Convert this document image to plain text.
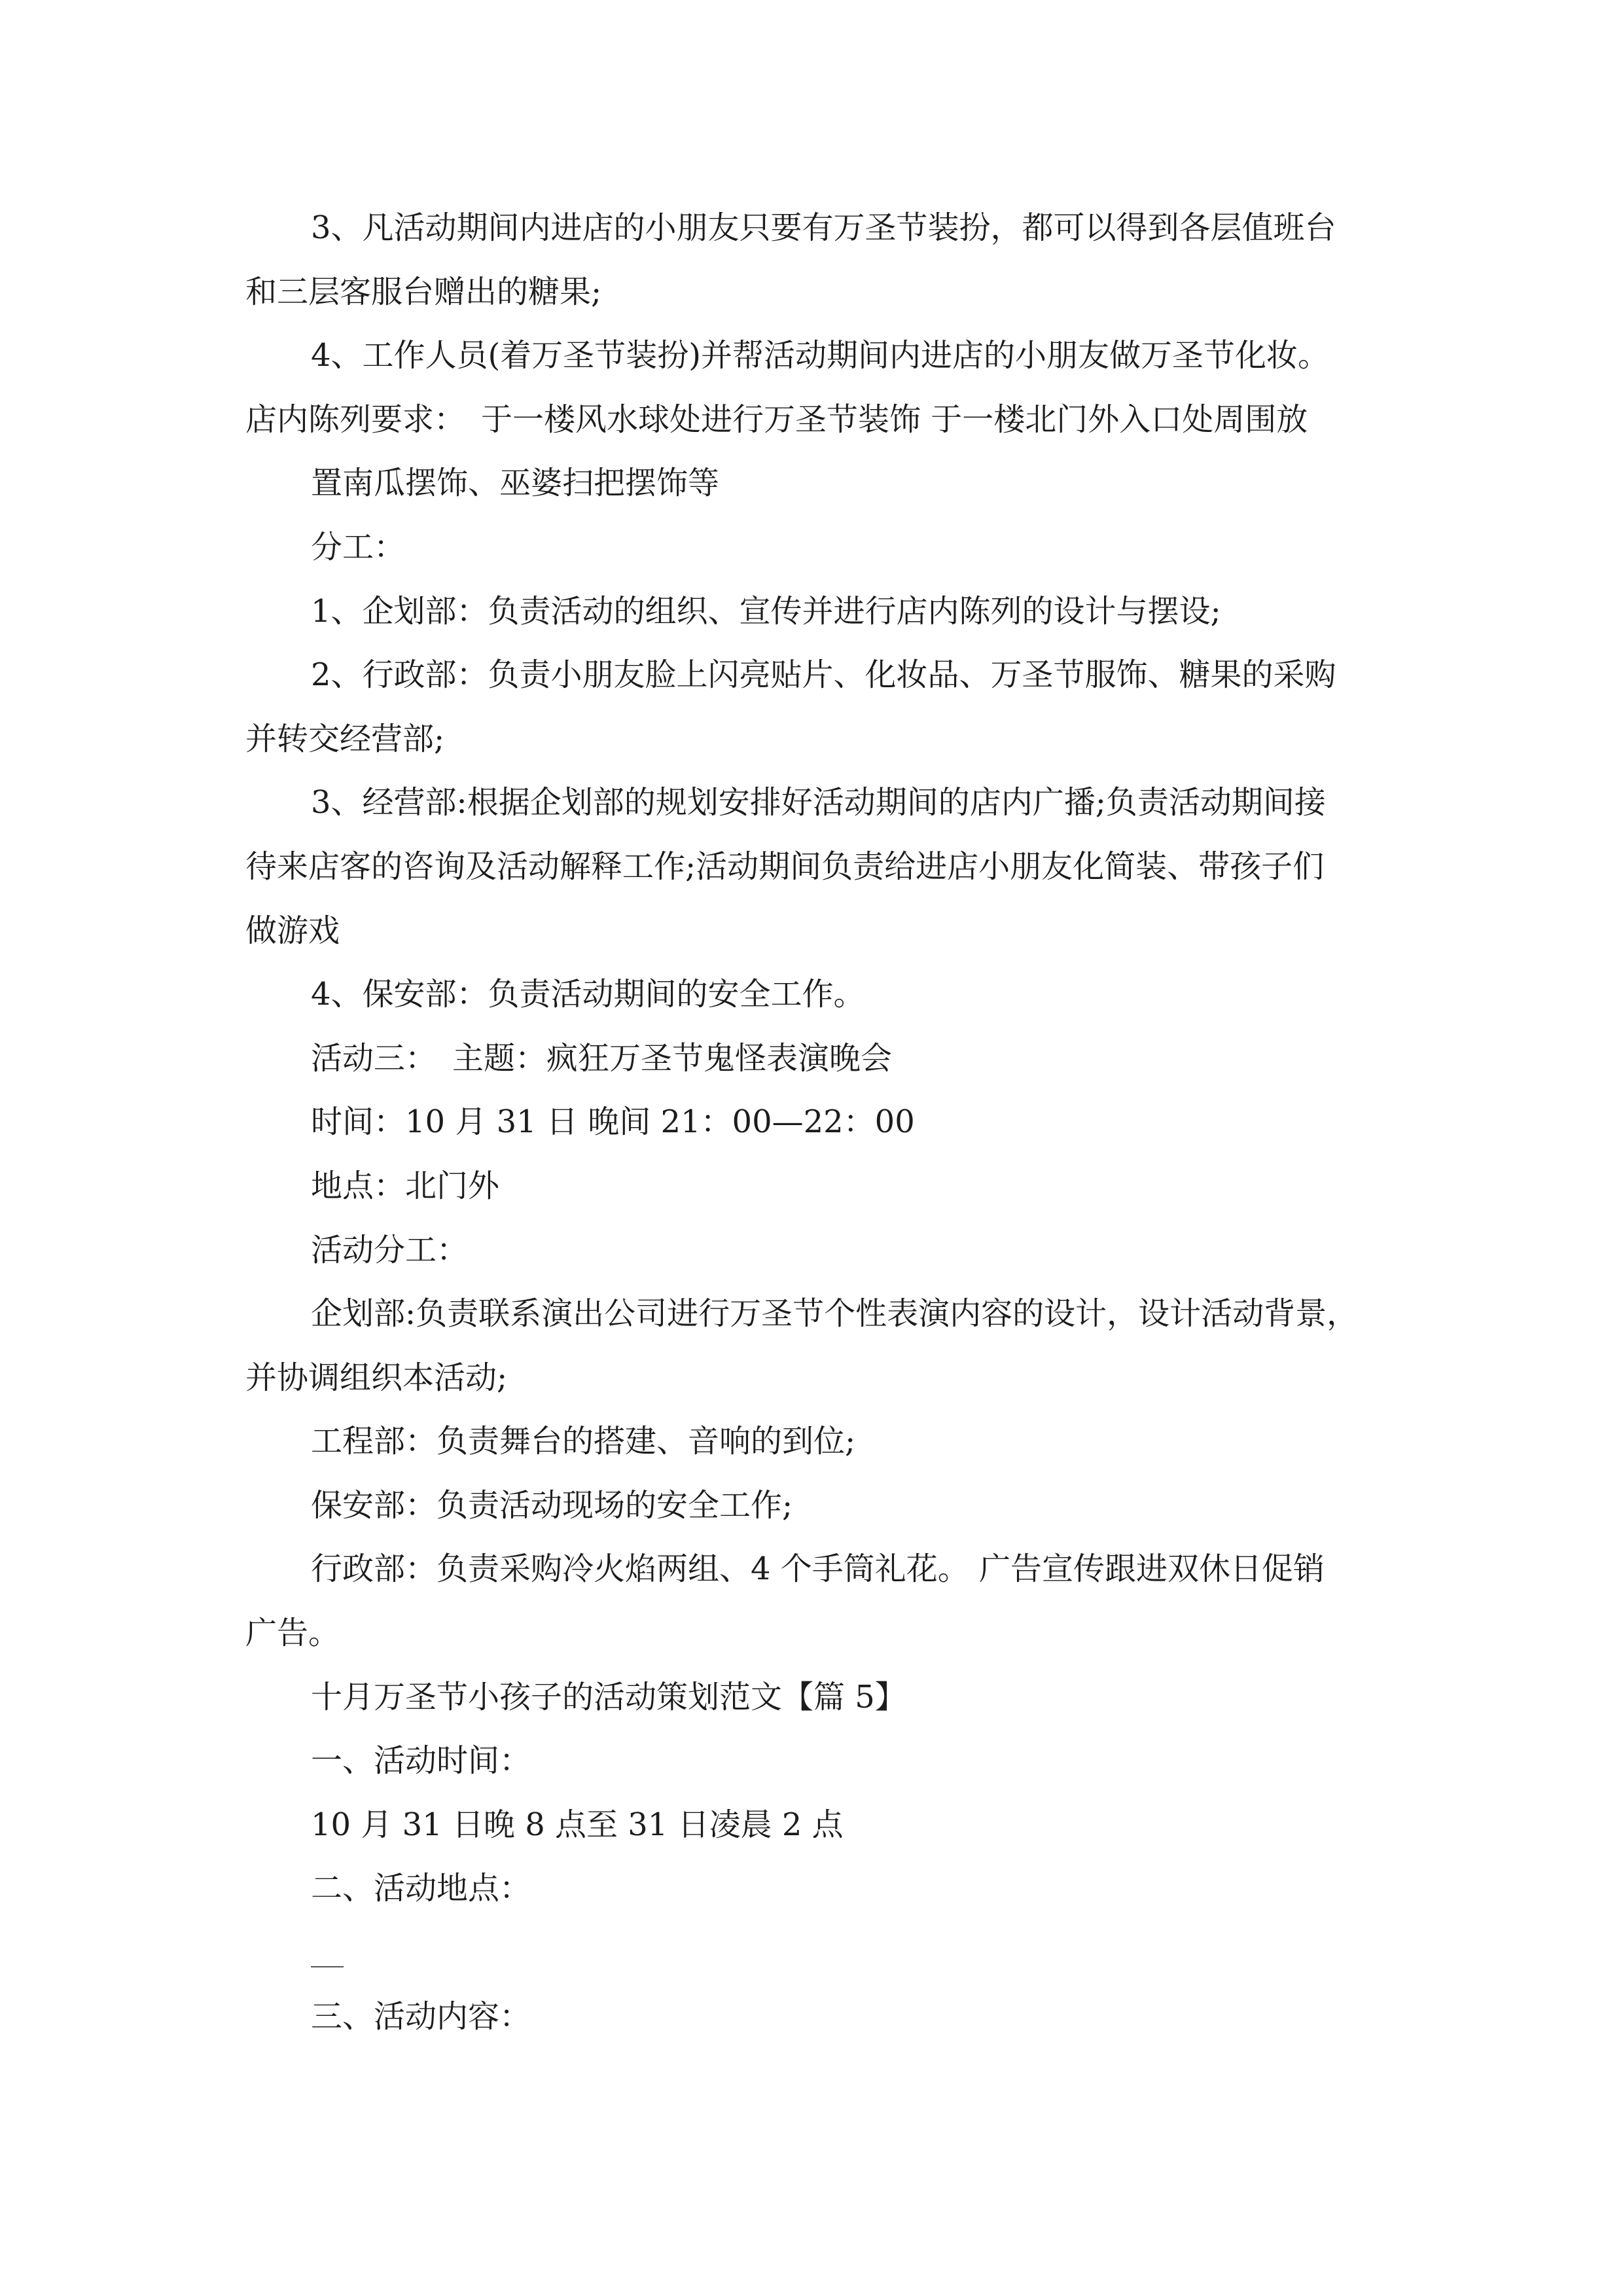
3、凡活动期间内进店的小朋友只要有万圣节装扮，都可以得到各层值班台
和三层客服台赠出的糖果;
4、工作人员(着万圣节装扮)并帮活动期间内进店的小朋友做万圣节化妆。
店内陈列要求：　于一楼风水球处进行万圣节装饰 于一楼北门外入口处周围放
置南瓜摆饰、巫婆扫把摆饰等
分工：
1、企划部：负责活动的组织、宣传并进行店内陈列的设计与摆设;
2、行政部：负责小朋友脸上闪亮贴片、化妆品、万圣节服饰、糖果的采购
并转交经营部;
3、经营部:根据企划部的规划安排好活动期间的店内广播;负责活动期间接
待来店客的咨询及活动解释工作;活动期间负责给进店小朋友化简装、带孩子们
做游戏
4、保安部：负责活动期间的安全工作。
活动三：　主题：疯狂万圣节鬼怪表演晚会
时间：10 月 31 日 晚间 21：00—22：00
地点：北门外
活动分工：
企划部:负责联系演出公司进行万圣节个性表演内容的设计，设计活动背景，
并协调组织本活动;
工程部：负责舞台的搭建、音响的到位;
保安部：负责活动现场的安全工作;
行政部：负责采购冷火焰两组、4 个手筒礼花。 广告宣传跟进双休日促销
广告。
十月万圣节小孩子的活动策划范文【篇 5】
一、活动时间：
10 月 31 日晚 8 点至 31 日凌晨 2 点
二、活动地点：
三、活动内容：
